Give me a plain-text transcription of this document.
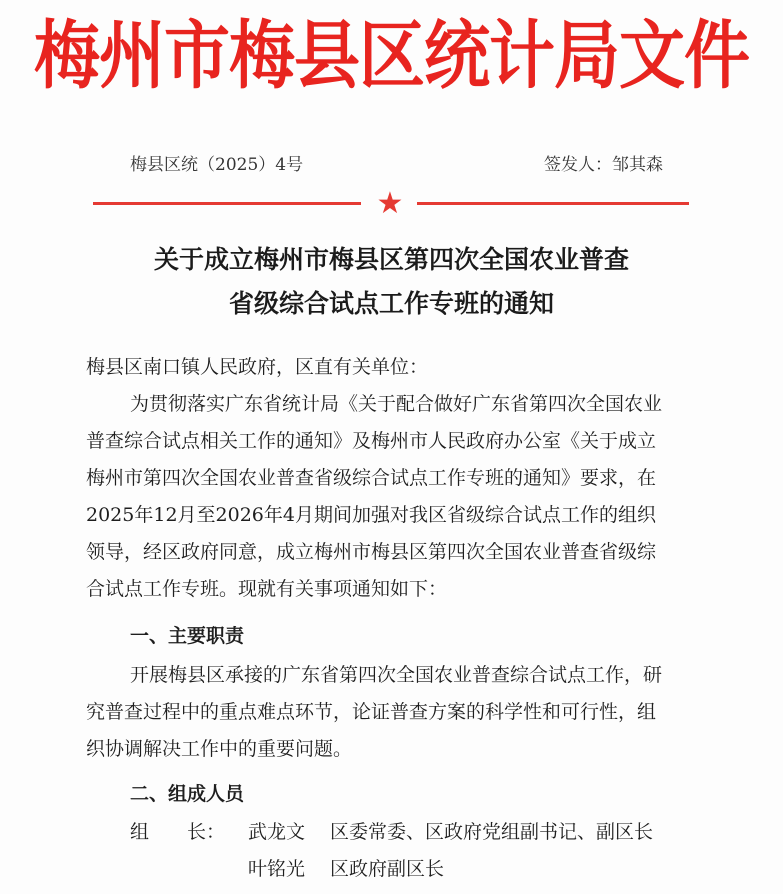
梅州市梅县区统计局文件
梅县区统（2025）4号	签发人：邹其森
★
关于成立梅州市梅县区第四次全国农业普查
省级综合试点工作专班的通知
梅县区南口镇人民政府，区直有关单位：
为贯彻落实广东省统计局《关于配合做好广东省第四次全国农业
普查综合试点相关工作的通知》及梅州市人民政府办公室《关于成立
梅州市第四次全国农业普查省级综合试点工作专班的通知》要求，在
2025年12月至2026年4月期间加强对我区省级综合试点工作的组织
领导，经区政府同意，成立梅州市梅县区第四次全国农业普查省级综
合试点工作专班。现就有关事项通知如下：
一、主要职责
开展梅县区承接的广东省第四次全国农业普查综合试点工作，研
究普查过程中的重点难点环节，论证普查方案的科学性和可行性，组
织协调解决工作中的重要问题。
二、组成人员
组　　长： 武龙文 区委常委、区政府党组副书记、副区长
叶铭光 区政府副区长
